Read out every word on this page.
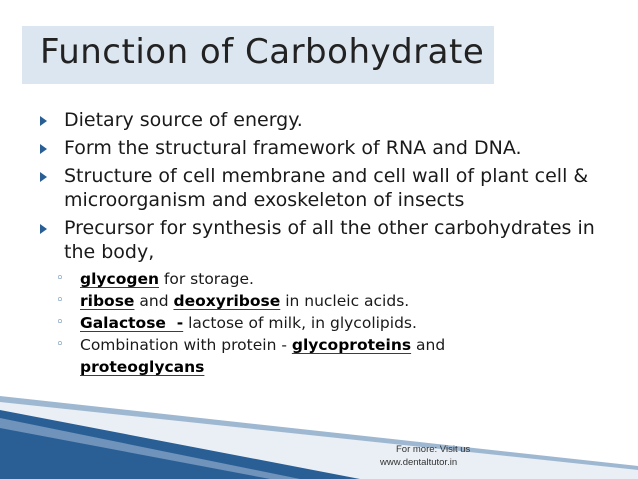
Function of Carbohydrate
Dietary source of energy.
Form the structural framework of RNA and DNA.
Structure of cell membrane and cell wall of plant cell & microorganism and exoskeleton of insects
Precursor for synthesis of all the other carbohydrates in the body,
◦ glycogen for storage.
◦ ribose and deoxyribose in nucleic acids.
◦ Galactose  - lactose of milk, in glycolipids.
◦ Combination with protein - glycoproteins and
proteoglycans
For more: Visit us
www.dentaltutor.in
